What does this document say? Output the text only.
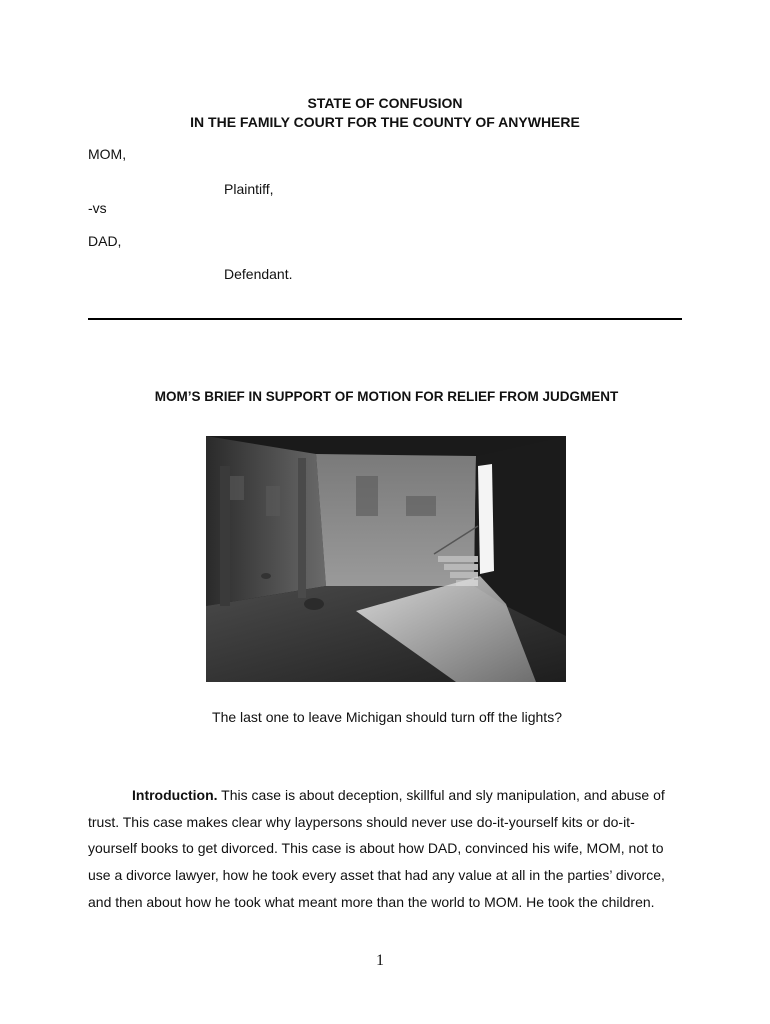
STATE OF CONFUSION
IN THE FAMILY COURT FOR THE COUNTY OF ANYWHERE
MOM,
Plaintiff,
-vs
DAD,
Defendant.
MOM’S BRIEF IN SUPPORT OF MOTION FOR RELIEF FROM JUDGMENT
The last one to leave Michigan should turn off the lights?
Introduction. This case is about deception, skillful and sly manipulation, and abuse of trust. This case makes clear why laypersons should never use do-it-yourself kits or do-it-yourself books to get divorced. This case is about how DAD, convinced his wife, MOM, not to use a divorce lawyer, how he took every asset that had any value at all in the parties’ divorce, and then about how he took what meant more than the world to MOM. He took the children.
1
